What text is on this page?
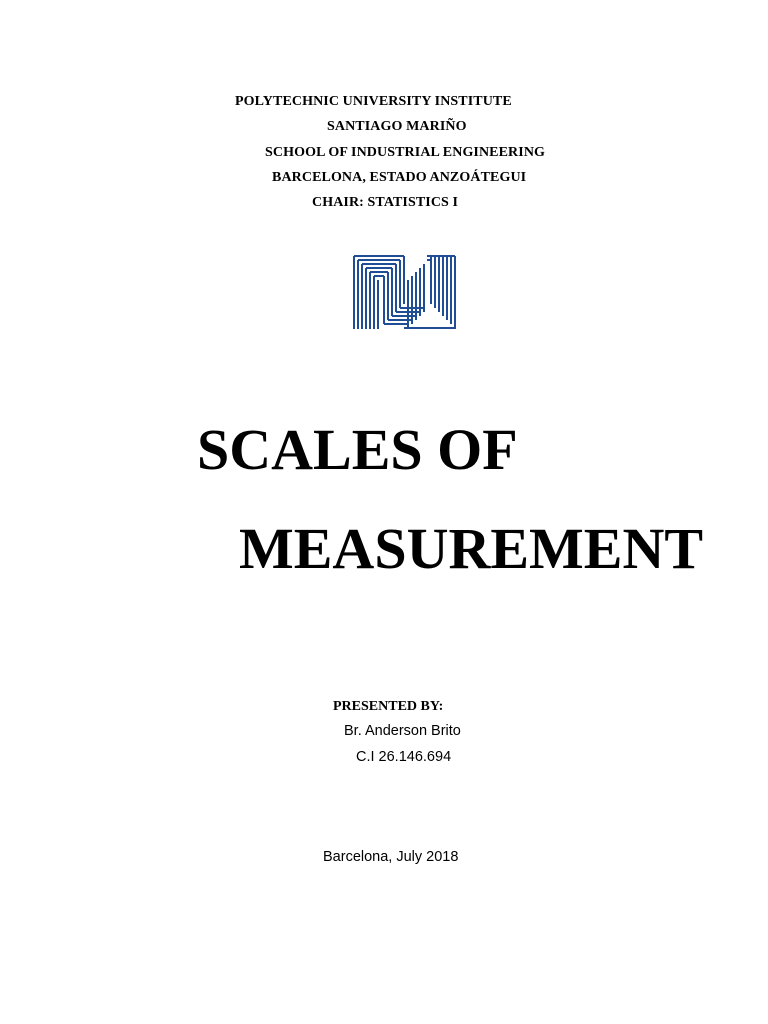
POLYTECHNIC UNIVERSITY INSTITUTE
SANTIAGO MARIÑO
SCHOOL OF INDUSTRIAL ENGINEERING
BARCELONA, ESTADO ANZOÁTEGUI
CHAIR: STATISTICS I
SCALES OF
MEASUREMENT
PRESENTED BY:
Br. Anderson Brito
C.I 26.146.694
Barcelona, July 2018
